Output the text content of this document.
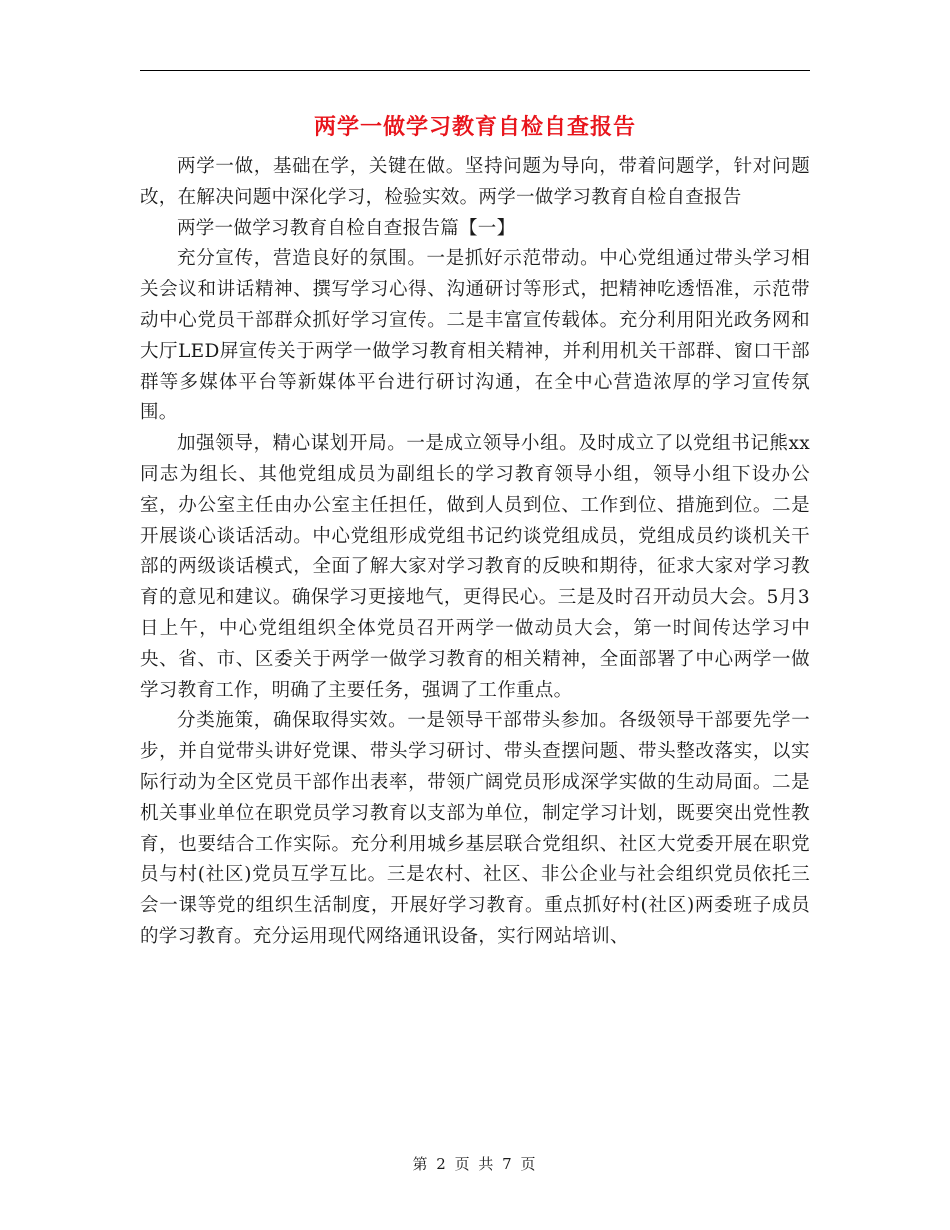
两学一做学习教育自检自查报告

两学一做，基础在学，关键在做。坚持问题为导向，带着问题学，针对问题改，在解决问题中深化学习，检验实效。两学一做学习教育自检自查报告

两学一做学习教育自检自查报告篇【一】

充分宣传，营造良好的氛围。一是抓好示范带动。中心党组通过带头学习相关会议和讲话精神、撰写学习心得、沟通研讨等形式，把精神吃透悟准，示范带动中心党员干部群众抓好学习宣传。二是丰富宣传载体。充分利用阳光政务网和大厅LED屏宣传关于两学一做学习教育相关精神，并利用机关干部群、窗口干部群等多媒体平台等新媒体平台进行研讨沟通，在全中心营造浓厚的学习宣传氛围。

加强领导，精心谋划开局。一是成立领导小组。及时成立了以党组书记熊xx同志为组长、其他党组成员为副组长的学习教育领导小组，领导小组下设办公室，办公室主任由办公室主任担任，做到人员到位、工作到位、措施到位。二是开展谈心谈话活动。中心党组形成党组书记约谈党组成员，党组成员约谈机关干部的两级谈话模式，全面了解大家对学习教育的反映和期待，征求大家对学习教育的意见和建议。确保学习更接地气，更得民心。三是及时召开动员大会。5月3日上午，中心党组组织全体党员召开两学一做动员大会，第一时间传达学习中央、省、市、区委关于两学一做学习教育的相关精神，全面部署了中心两学一做学习教育工作，明确了主要任务，强调了工作重点。

分类施策，确保取得实效。一是领导干部带头参加。各级领导干部要先学一步，并自觉带头讲好党课、带头学习研讨、带头查摆问题、带头整改落实，以实际行动为全区党员干部作出表率，带领广阔党员形成深学实做的生动局面。二是机关事业单位在职党员学习教育以支部为单位，制定学习计划，既要突出党性教育，也要结合工作实际。充分利用城乡基层联合党组织、社区大党委开展在职党员与村(社区)党员互学互比。三是农村、社区、非公企业与社会组织党员依托三会一课等党的组织生活制度，开展好学习教育。重点抓好村(社区)两委班子成员的学习教育。充分运用现代网络通讯设备，实行网站培训、

第 2 页 共 7 页
